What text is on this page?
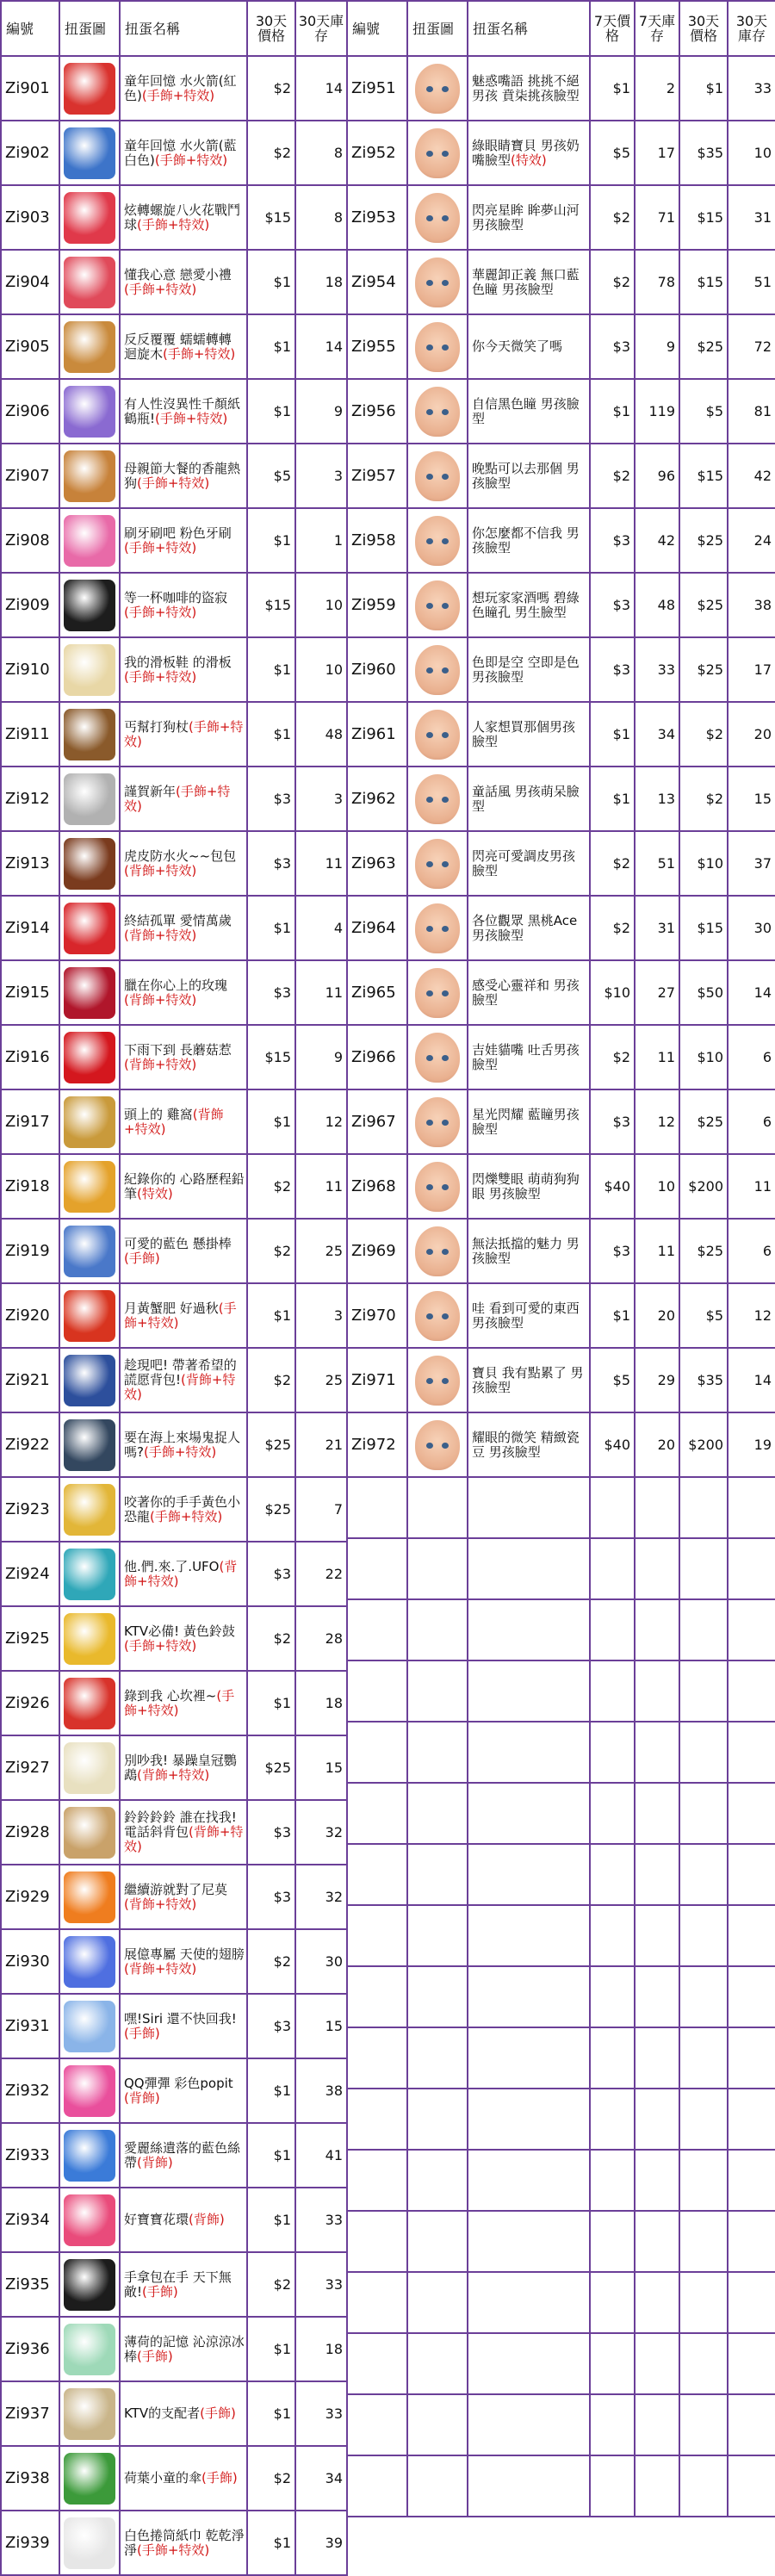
編號	扭蛋圖	扭蛋名稱	30天價格	30天庫存
Zi901		童年回憶 水火箭(紅色)(手飾+特效)	$2	14
Zi902		童年回憶 水火箭(藍白色)(手飾+特效)	$2	8
Zi903		炫轉螺旋八火花戰鬥球(手飾+特效)	$15	8
Zi904		懂我心意 戀愛小禮(手飾+特效)	$1	18
Zi905		反反覆覆 蠕蠕轉轉 迴旋木(手飾+特效)	$1	14
Zi906		有人性沒異性千顏紙鶴瓶!(手飾+特效)	$1	9
Zi907		母親節大餐的香龍熱狗(手飾+特效)	$5	3
Zi908		刷牙刷吧 粉色牙刷(手飾+特效)	$1	1
Zi909		等一杯咖啡的盜寂(手飾+特效)	$15	10
Zi910		我的滑板鞋 的滑板(手飾+特效)	$1	10
Zi911		丐幫打狗杖(手飾+特效)	$1	48
Zi912		謹賀新年(手飾+特效)	$3	3
Zi913		虎皮防水火~~包包(背飾+特效)	$3	11
Zi914		終結孤單 愛情萬歲(背飾+特效)	$1	4
Zi915		臘在你心上的玫瑰(背飾+特效)	$3	11
Zi916		下雨下到 長蘑菇惹(背飾+特效)	$15	9
Zi917		頭上的 雞窩(背飾+特效)	$1	12
Zi918		紀錄你的 心路歷程鉛筆(特效)	$2	11
Zi919		可愛的藍色 懸掛棒(手飾)	$2	25
Zi920		月黃蟹肥 好過秋(手飾+特效)	$1	3
Zi921		趁現吧! 帶著希望的 謊愿背包!(背飾+特效)	$2	25
Zi922		要在海上來場鬼捉人嗎?(手飾+特效)	$25	21
Zi923		咬著你的手手黃色小恐龍(手飾+特效)	$25	7
Zi924		他.們.來.了.UFO(背飾+特效)	$3	22
Zi925		KTV必備! 黃色鈴鼓(手飾+特效)	$2	28
Zi926		錄到我 心坎裡~(手飾+特效)	$1	18
Zi927		別吵我! 暴躁皇冠鸚鵡(背飾+特效)	$25	15
Zi928		鈴鈴鈴鈴 誰在找我! 電話斜背包(背飾+特效)	$3	32
Zi929		繼續游就對了尼莫(背飾+特效)	$3	32
Zi930		展億專屬 天使的翅膀(背飾+特效)	$2	30
Zi931		嘿!Siri 還不快回我!(手飾)	$3	15
Zi932		QQ彈彈 彩色popit(背飾)	$1	38
Zi933		愛麗絲遺落的藍色絲帶(背飾)	$1	41
Zi934		好寶寶花環(背飾)	$1	33
Zi935		手拿包在手 天下無敵!(手飾)	$2	33
Zi936		薄荷的記憶 沁涼涼冰棒(手飾)	$1	18
Zi937		KTV的支配者(手飾)	$1	33
Zi938		荷葉小童的傘(手飾)	$2	34
Zi939		白色捲筒紙巾 乾乾淨淨(手飾+特效)	$1	39
編號	扭蛋圖	扭蛋名稱	7天價格	7天庫存	30天價格	30天庫存
Zi951		魅惑嘴語 挑挑不絕男孩 賁柒挑孩臉型	$1	2	$1	33
Zi952		綠眼睛寶貝 男孩奶嘴臉型(特效)	$5	17	$35	10
Zi953		閃亮星眸 眸夢山河 男孩臉型	$2	71	$15	31
Zi954		華麗卸正義 無口藍色瞳 男孩臉型	$2	78	$15	51
Zi955		你今天微笑了嗎	$3	9	$25	72
Zi956		自信黑色瞳 男孩臉型	$1	119	$5	81
Zi957		晚點可以去那個 男孩臉型	$2	96	$15	42
Zi958		你怎麼都不信我 男孩臉型	$3	42	$25	24
Zi959		想玩家家酒嗎 碧綠色瞳孔 男生臉型	$3	48	$25	38
Zi960		色即是空 空即是色 男孩臉型	$3	33	$25	17
Zi961		人家想買那個男孩臉型	$1	34	$2	20
Zi962		童話風 男孩萌呆臉型	$1	13	$2	15
Zi963		閃亮可愛調皮男孩臉型	$2	51	$10	37
Zi964		各位觀眾 黑桃Ace 男孩臉型	$2	31	$15	30
Zi965		感受心靈祥和 男孩臉型	$10	27	$50	14
Zi966		吉娃貓嘴 吐舌男孩臉型	$2	11	$10	6
Zi967		星光閃耀 藍瞳男孩臉型	$3	12	$25	6
Zi968		閃爍雙眼 萌萌狗狗眼 男孩臉型	$40	10	$200	11
Zi969		無法抵擋的魅力 男孩臉型	$3	11	$25	6
Zi970		哇 看到可愛的東西 男孩臉型	$1	20	$5	12
Zi971		寶貝 我有點累了 男孩臉型	$5	29	$35	14
Zi972		耀眼的微笑 精緻瓷豆 男孩臉型	$40	20	$200	19
